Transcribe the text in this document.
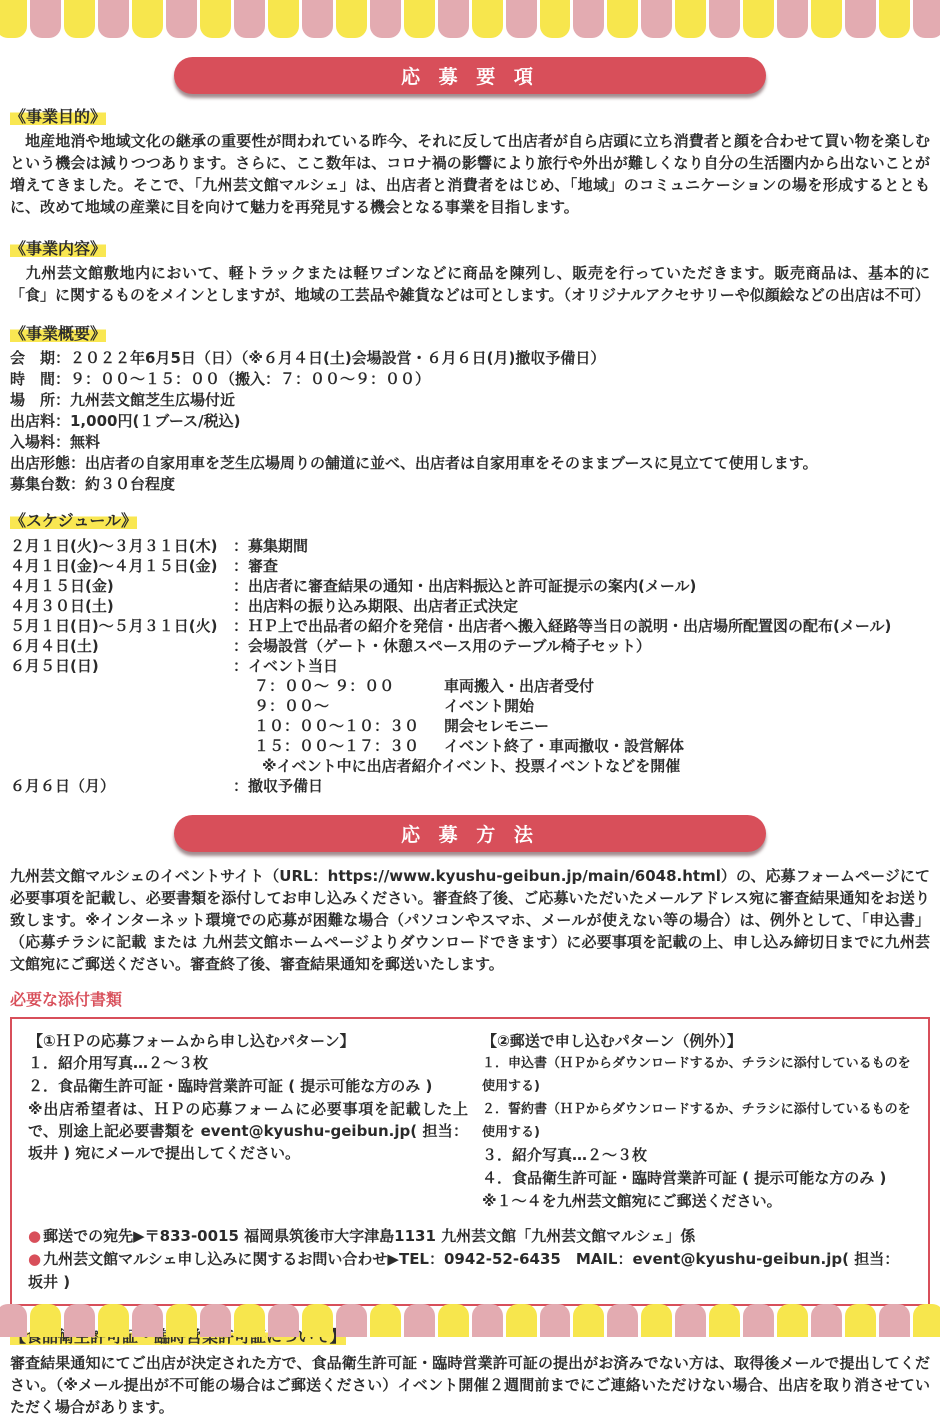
応 募 要 項
《事業目的》
　地産地消や地域文化の継承の重要性が問われている昨今、それに反して出店者が自ら店頭に立ち消費者と顔を合わせて買い物を楽しむという機会は減りつつあります。さらに、ここ数年は、コロナ禍の影響により旅行や外出が難しくなり自分の生活圏内から出ないことが増えてきました。そこで、「九州芸文館マルシェ」は、出店者と消費者をはじめ、「地域」のコミュニケーションの場を形成するとともに、改めて地域の産業に目を向けて魅力を再発見する機会となる事業を目指します。
《事業内容》
　九州芸文館敷地内において、軽トラックまたは軽ワゴンなどに商品を陳列し、販売を行っていただきます。販売商品は、基本的に「食」に関するものをメインとしますが、地域の工芸品や雑貨などは可とします。（オリジナルアクセサリーや似顔絵などの出店は不可）
《事業概要》
会　期：２０２２年6月5日（日）（※６月４日(土)会場設営・６月６日(月)撤収予備日）
時　間：９：００～１５：００（搬入：７：００～９：００）
場　所：九州芸文館芝生広場付近
出店料：1,000円(１ブース/税込)
入場料：無料
出店形態：出店者の自家用車を芝生広場周りの舗道に並べ、出店者は自家用車をそのままブースに見立てて使用します。
募集台数：約３０台程度
《スケジュール》
２月１日(火)～３月３１日(木)	：募集期間
４月１日(金)～４月１５日(金)	：審査
４月１５日(金)	：出店者に審査結果の通知・出店料振込と許可証提示の案内(メール)
４月３０日(土)	：出店料の振り込み期限、出店者正式決定
５月１日(日)～５月３１日(火)	：ＨＰ上で出品者の紹介を発信・出店者へ搬入経路等当日の説明・出店場所配置図の配布(メール)
６月４日(土)	：会場設営（ゲート・休憩スペース用のテーブル椅子セット）
６月５日(日)	：イベント当日
７：００～ ９：００	車両搬入・出店者受付
９：００～	イベント開始
１０：００～１０：３０	開会セレモニー
１５：００～１７：３０	イベント終了・車両撤収・設営解体
※イベント中に出店者紹介イベント、投票イベントなどを開催
６月６日（月）	：撤収予備日
応 募 方 法
九州芸文館マルシェのイベントサイト（URL：https://www.kyushu-geibun.jp/main/6048.html）の、応募フォームページにて必要事項を記載し、必要書類を添付してお申し込みください。審査終了後、ご応募いただいたメールアドレス宛に審査結果通知をお送り致します。※インターネット環境での応募が困難な場合（パソコンやスマホ、メールが使えない等の場合）は、例外として、「申込書」（応募チラシに記載 または 九州芸文館ホームページよりダウンロードできます）に必要事項を記載の上、申し込み締切日までに九州芸文館宛にご郵送ください。審査終了後、審査結果通知を郵送いたします。
必要な添付書類
【①ＨＰの応募フォームから申し込むパターン】
１．紹介用写真…２～３枚
２．食品衛生許可証・臨時営業許可証 ( 提示可能な方のみ )
※出店希望者は、ＨＰの応募フォームに必要事項を記載した上で、別途上記必要書類を event@kyushu-geibun.jp( 担当：坂井 ) 宛にメールで提出してください。
【②郵送で申し込むパターン（例外）】
１．申込書（ＨＰからダウンロードするか、チラシに添付しているものを使用する)
２．誓約書（ＨＰからダウンロードするか、チラシに添付しているものを使用する)
３．紹介写真…２～３枚
４．食品衛生許可証・臨時営業許可証 ( 提示可能な方のみ )
※１～４を九州芸文館宛にご郵送ください。
● 郵送での宛先▶〒833-0015 福岡県筑後市大字津島1131 九州芸文館「九州芸文館マルシェ」係
● 九州芸文館マルシェ申し込みに関するお問い合わせ▶TEL：0942-52-6435　MAIL：event@kyushu-geibun.jp( 担当：坂井 )
審査結果通知にてご出店が決定された方で、食品衛生許可証・臨時営業許可証の提出がお済みでない方は、取得後メールで提出してください。（※メール提出が不可能の場合はご郵送ください）イベント開催２週間前までにご連絡いただけない場合、出店を取り消させていただく場合があります。
